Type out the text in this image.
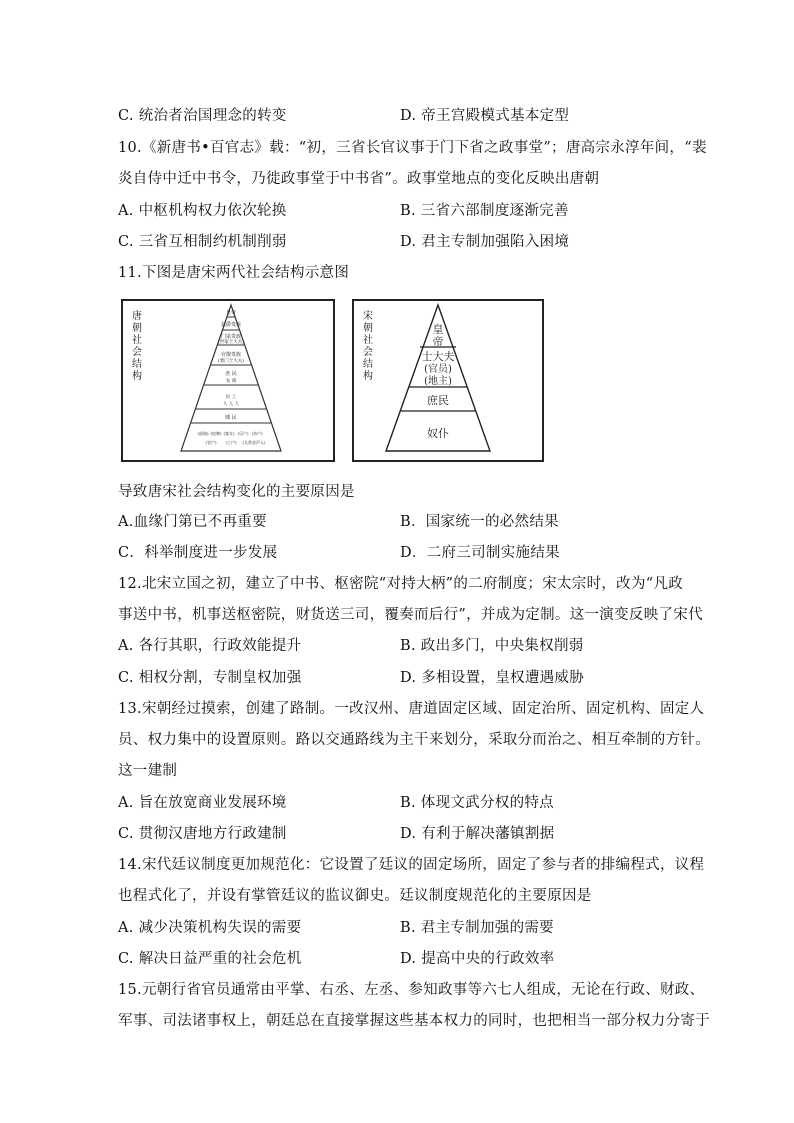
C. 统治者治国理念的转变	D. 帝王宫殿模式基本定型
10.《新唐书•百官志》载：“初，三省长官议事于门下省之政事堂”；唐高宗永淳年间，“裴
炎自侍中迁中书令，乃徙政事堂于中书省”。政事堂地点的变化反映出唐朝
A. 中枢机构权力依次轮换	B. 三省六部制度逐渐完善
C. 三省互相制约机制削弱	D. 君主专制加强陷入困境
11.下图是唐宋两代社会结构示意图
唐朝社会结构
皇帝
封爵贵族
门第贵族
(世家士大夫)
官僚贵族
(寒门士大夫)
庶 民
农 商
民 工
人 人 人
贱 民
(部曲) (奴婢) (客女) (乐户) (杂户)
(官户) (工户) (太常音声人)
宋朝社会结构
皇
帝
士大夫
(官员)
(地主)
庶民
奴仆
导致唐宋社会结构变化的主要原因是
A.血缘门第已不再重要	B．国家统一的必然结果
C．科举制度进一步发展	D．二府三司制实施结果
12.北宋立国之初，建立了中书、枢密院“对持大柄”的二府制度；宋太宗时，改为“凡政
事送中书，机事送枢密院，财货送三司，覆奏而后行”，并成为定制。这一演变反映了宋代
A. 各行其职，行政效能提升	B. 政出多门，中央集权削弱
C. 相权分割，专制皇权加强	D. 多相设置，皇权遭遇威胁
13.宋朝经过摸索，创建了路制。一改汉州、唐道固定区域、固定治所、固定机构、固定人
员、权力集中的设置原则。路以交通路线为主干来划分，采取分而治之、相互牵制的方针。
这一建制
A. 旨在放宽商业发展环境	B. 体现文武分权的特点
C. 贯彻汉唐地方行政建制	D. 有利于解决藩镇割据
14.宋代廷议制度更加规范化：它设置了廷议的固定场所，固定了参与者的排编程式，议程
也程式化了，并设有掌管廷议的监议御史。廷议制度规范化的主要原因是
A. 减少决策机构失误的需要	B. 君主专制加强的需要
C. 解决日益严重的社会危机	D. 提高中央的行政效率
15.元朝行省官员通常由平掌、右丞、左丞、参知政事等六七人组成，无论在行政、财政、
军事、司法诸事权上，朝廷总在直接掌握这些基本权力的同时，也把相当一部分权力分寄于
